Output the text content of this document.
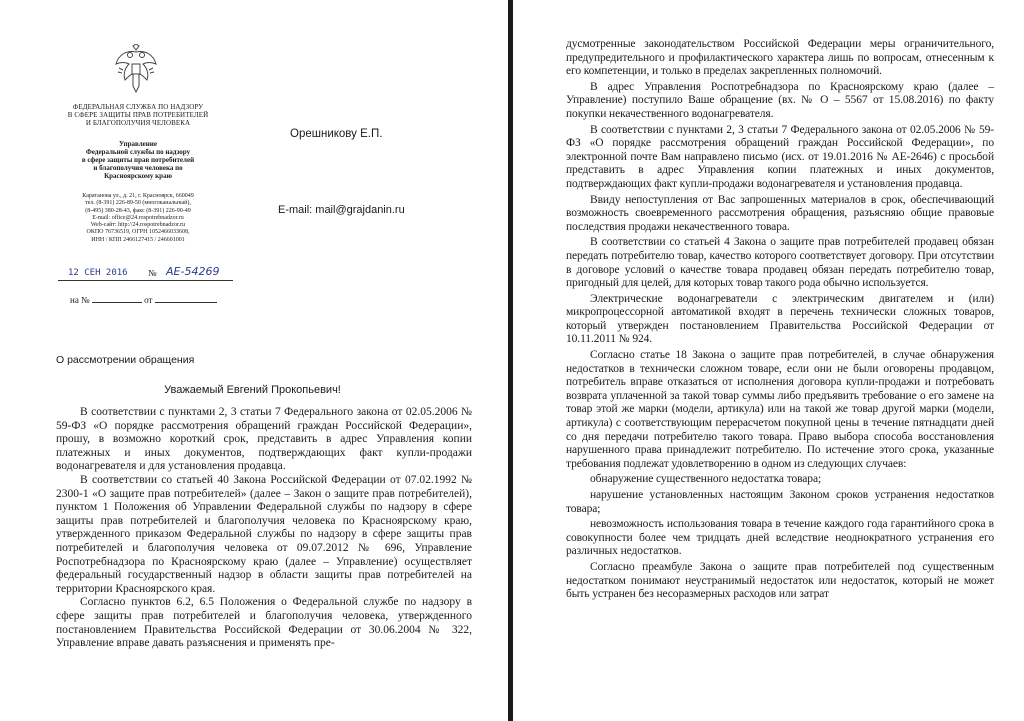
ФЕДЕРАЛЬНАЯ СЛУЖБА ПО НАДЗОРУ
В СФЕРЕ ЗАЩИТЫ ПРАВ ПОТРЕБИТЕЛЕЙ
И БЛАГОПОЛУЧИЯ ЧЕЛОВЕКА
Управление
Федеральной службы по надзору
в сфере защиты прав потребителей
и благополучия человека по
Красноярскому краю
Каратанова ул., д. 21, г. Красноярск, 660049
тел. (8-391) 226-89-50 (многоканальный),
(8-495) 380-28-43, факс (8-391) 226-90-49
E-mail: office@24.rospotrebnadzor.ru
Web-сайт: http://24.rospotrebnadzor.ru
ОКПО 76736519, ОГРН 1052466033608,
ИНН / КПП 2466127415 / 246601001
Орешникову Е.П.
E-mail: mail@grajdanin.ru
12 СЕН 2016 № АЕ-54269
на №	от
О рассмотрении обращения
Уважаемый Евгений Прокопьевич!

В соответствии с пунктами 2, 3 статьи 7 Федерального закона от 02.05.2006 № 59-ФЗ «О порядке рассмотрения обращений граждан Российской Федерации», прошу, в возможно короткий срок, представить в адрес Управления копии платежных и иных документов, подтверждающих факт купли-продажи водонагревателя и для установления продавца.

В соответствии со статьей 40 Закона Российской Федерации от 07.02.1992 № 2300-1 «О защите прав потребителей» (далее – Закон о защите прав потребителей), пунктом 1 Положения об Управлении Федеральной службы по надзору в сфере защиты прав потребителей и благополучия человека по Красноярскому краю, утвержденного приказом Федеральной службы по надзору в сфере защиты прав потребителей и благополучия человека от 09.07.2012 № 696, Управление Роспотребнадзора по Красноярскому краю (далее – Управление) осуществляет федеральный государственный надзор в области защиты прав потребителей на территории Красноярского края.

Согласно пунктов 6.2, 6.5 Положения о Федеральной службе по надзору в сфере защиты прав потребителей и благополучия человека, утвержденного постановлением Правительства Российской Федерации от 30.06.2004 № 322, Управление вправе давать разъяснения и применять пре-

дусмотренные законодательством Российской Федерации меры ограничительного, предупредительного и профилактического характера лишь по вопросам, отнесенным к его компетенции, и только в пределах закрепленных полномочий.

В адрес Управления Роспотребнадзора по Красноярскому краю (далее – Управление) поступило Ваше обращение (вх. № О – 5567 от 15.08.2016) по факту покупки некачественного водонагревателя.

В соответствии с пунктами 2, 3 статьи 7 Федерального закона от 02.05.2006 № 59-ФЗ «О порядке рассмотрения обращений граждан Российской Федерации», по электронной почте Вам направлено письмо (исх. от 19.01.2016 № АЕ-2646) с просьбой представить в адрес Управления копии платежных и иных документов, подтверждающих факт купли-продажи водонагревателя и установления продавца.

Ввиду непоступления от Вас запрошенных материалов в срок, обеспечивающий возможность своевременного рассмотрения обращения, разъясняю общие правовые последствия продажи некачественного товара.

В соответствии со статьей 4 Закона о защите прав потребителей продавец обязан передать потребителю товар, качество которого соответствует договору. При отсутствии в договоре условий о качестве товара продавец обязан передать потребителю товар, пригодный для целей, для которых товар такого рода обычно используется.

Электрические водонагреватели с электрическим двигателем и (или) микропроцессорной автоматикой входят в перечень технически сложных товаров, который утвержден постановлением Правительства Российской Федерации от 10.11.2011 № 924.

Согласно статье 18 Закона о защите прав потребителей, в случае обнаружения недостатков в технически сложном товаре, если они не были оговорены продавцом, потребитель вправе отказаться от исполнения договора купли-продажи и потребовать возврата уплаченной за такой товар суммы либо предъявить требование о его замене на товар этой же марки (модели, артикула) или на такой же товар другой марки (модели, артикула) с соответствующим перерасчетом покупной цены в течение пятнадцати дней со дня передачи потребителю такого товара. Право выбора способа восстановления нарушенного права принадлежит потребителю. По истечение этого срока, указанные требования подлежат удовлетворению в одном из следующих случаев:

обнаружение существенного недостатка товара;

нарушение установленных настоящим Законом сроков устранения недостатков товара;

невозможность использования товара в течение каждого года гарантийного срока в совокупности более чем тридцать дней вследствие неоднократного устранения его различных недостатков.

Согласно преамбуле Закона о защите прав потребителей под существенным недостатком понимают неустранимый недостаток или недостаток, который не может быть устранен без несоразмерных расходов или затрат
